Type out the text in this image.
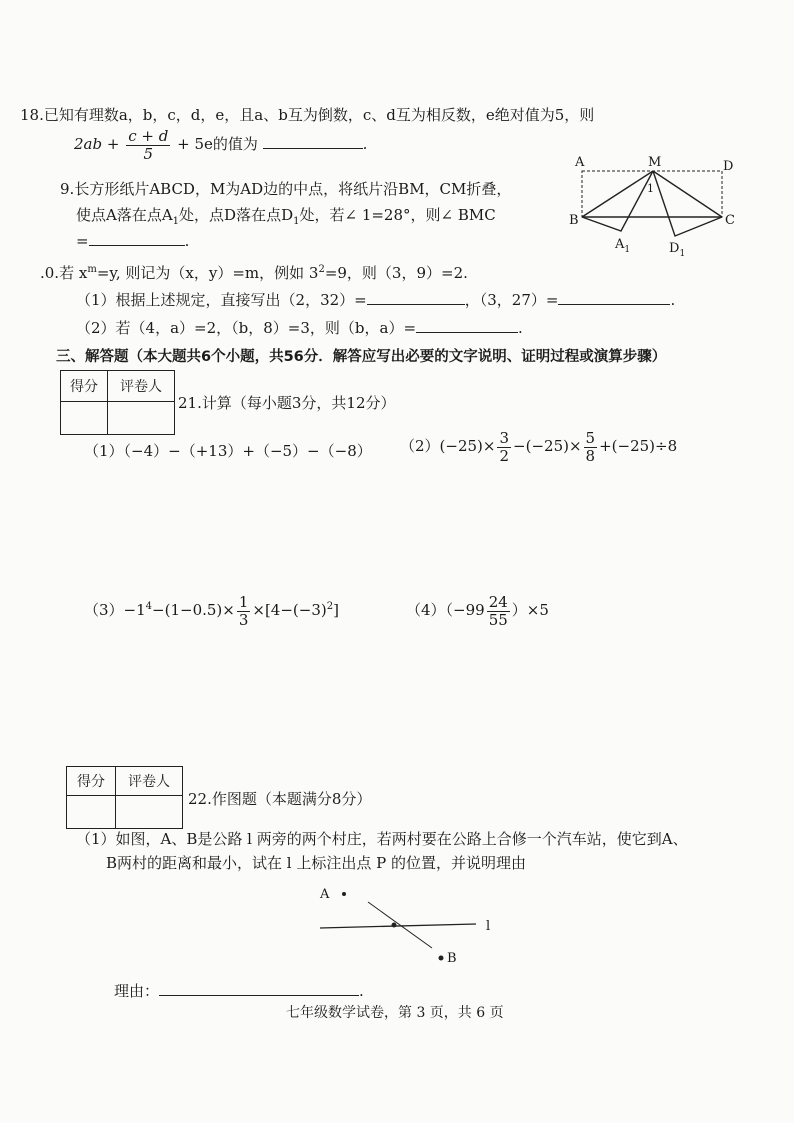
18.已知有理数a，b，c，d，e，且a、b互为倒数，c、d互为相反数，e绝对值为5，则
$2ab + \frac{c + d}{5} + 5e$的值为	.
9.长方形纸片ABCD，M为AD边的中点，将纸片沿BM，CM折叠，
使点A落在点$A_1$处，点D落在点$D_1$处，若∠ 1=28°，则∠ BMC
=	.
A	M	D
B	C
1
$A_1$	$D_1$
.0.若 $x^m=y$, 则记为（x，y）=m，例如 $3^2=9$，则（3，9）=2.
（1）根据上述规定，直接写出（2，32）=	，（3，27）=	.
（2）若（4，a）=2，（b，8）=3，则（b，a）=	.
三、解答题（本大题共6个小题，共56分．解答应写出必要的文字说明、证明过程或演算步骤）
得分	评卷人

21.计算（每小题3分，共12分）
（1）（−4）−（+13）+（−5）−（−8） $(2)(-25)\times \frac{3}{2} -(-25)\times \frac{5}{8} +(-25)\div 8$
$(3)-1^4-(1-0.5)\times \frac{1}{3} \times[4-(-3)^2]$	$(4)(-99 \frac{24}{55} )\times 5$
得分	评卷人

22.作图题（本题满分8分）
（1）如图，A、B是公路 l 两旁的两个村庄，若两村要在公路上合修一个汽车站，使它到A、
B两村的距离和最小，试在 l 上标注出点 P 的位置，并说明理由
A
B
l
理由：	.
七年级数学试卷，第 3 页，共 6 页
